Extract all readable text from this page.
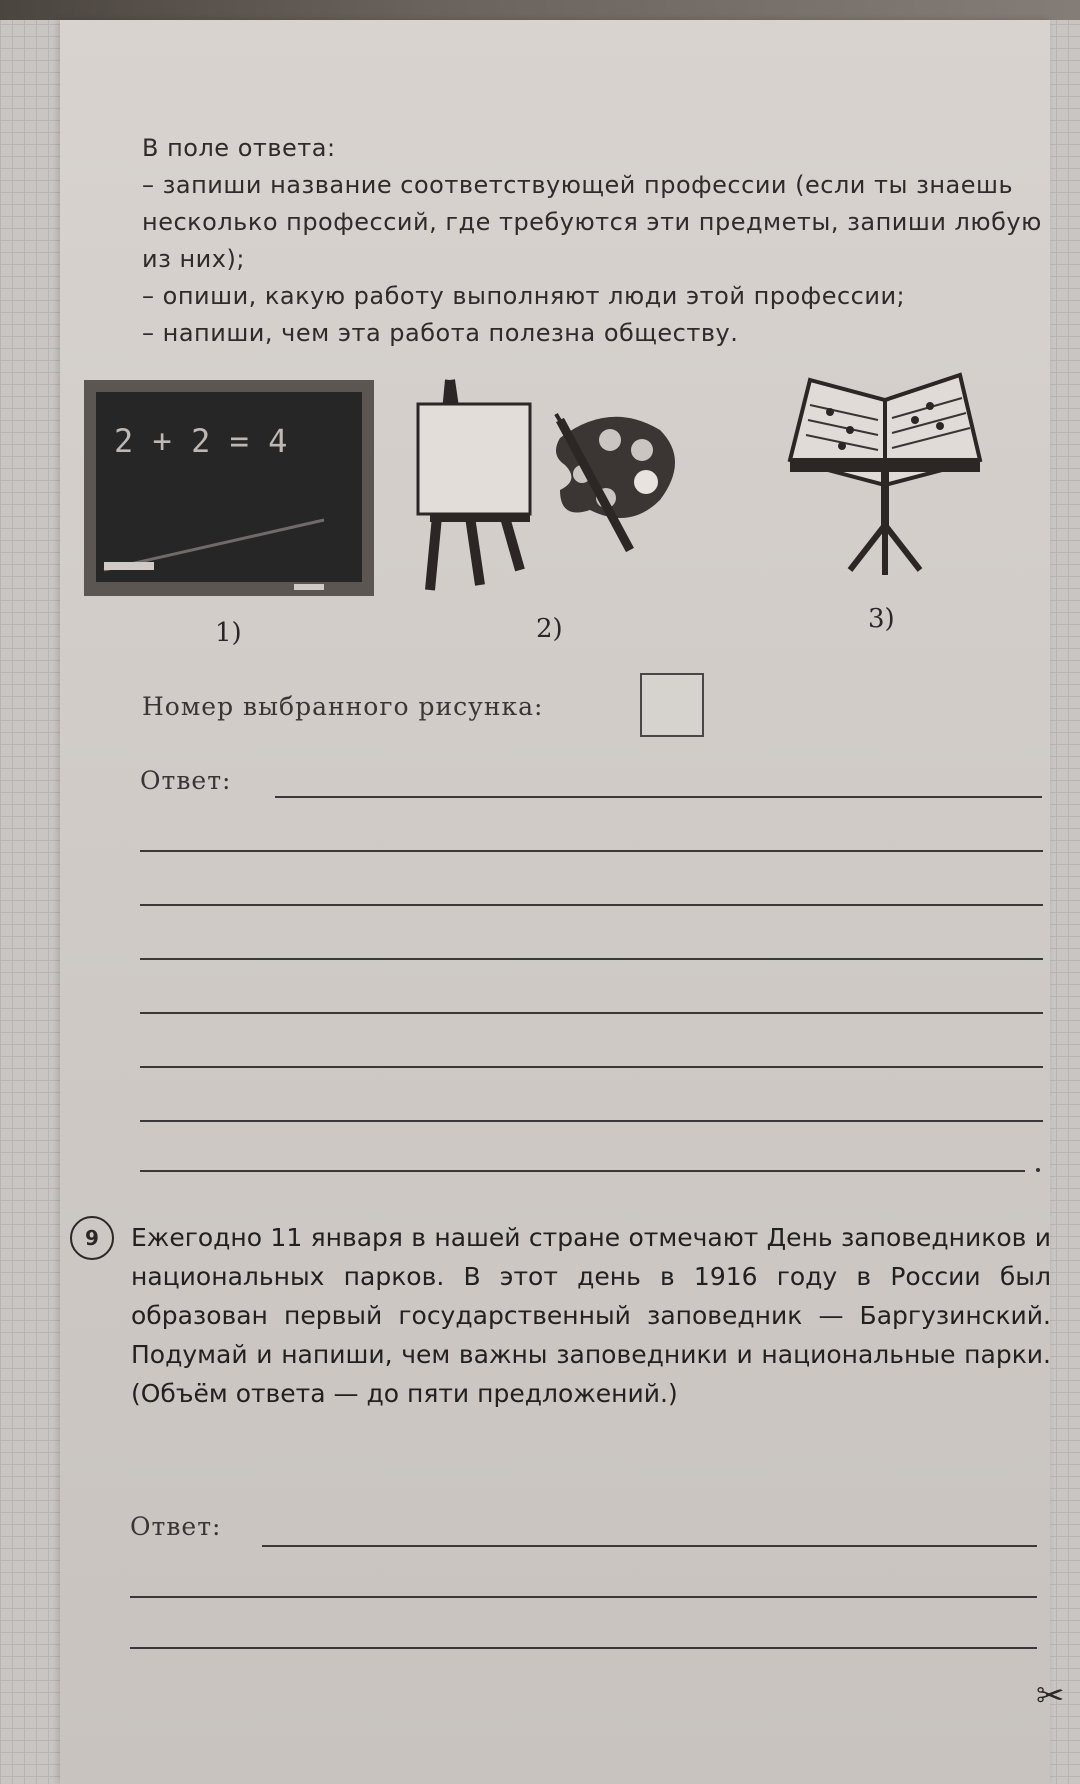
В поле ответа:

– запиши название соответствующей профессии (если ты знаешь несколько профессий, где требуются эти предметы, запиши любую из них);

– опиши, какую работу выполняют люди этой профессии;

– напиши, чем эта работа полезна обществу.

2 + 2 = 4
1)	2)	3)
Номер выбранного рисунка:
Ответ:
9	Ежегодно 11 января в нашей стране отмечают День заповедников и национальных парков. В этот день в 1916 году в России был образован первый государственный заповедник — Баргузинский. Подумай и напиши, чем важны заповедники и национальные парки. (Объём ответа — до пяти предложений.)
Ответ:
✂
